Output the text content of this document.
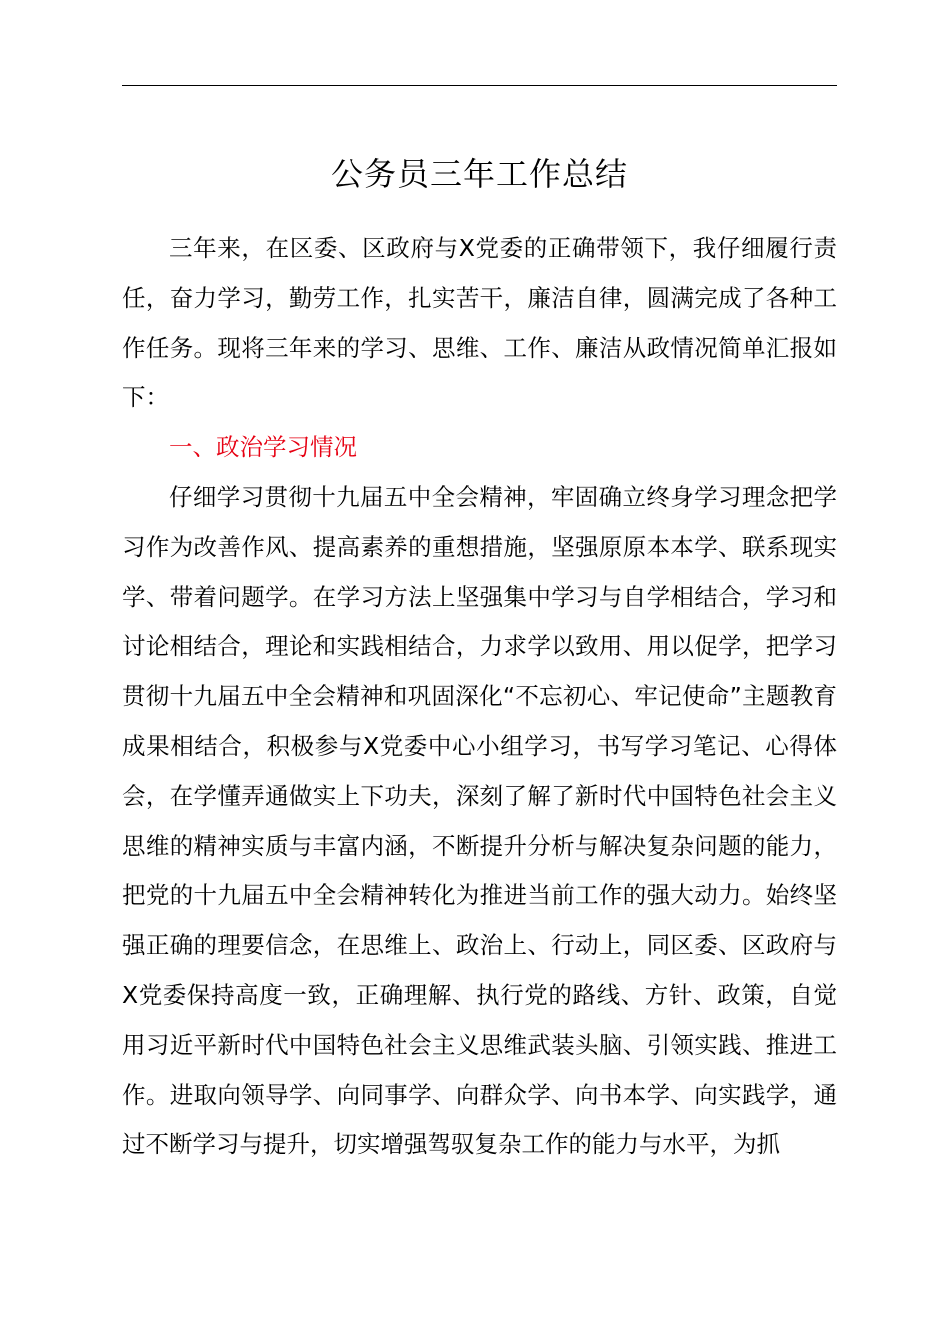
公务员三年工作总结

三年来，在区委、区政府与X党委的正确带领下，我仔细履行责任，奋力学习，勤劳工作，扎实苦干，廉洁自律，圆满完成了各种工作任务。现将三年来的学习、思维、工作、廉洁从政情况简单汇报如下：

一、政治学习情况

仔细学习贯彻十九届五中全会精神，牢固确立终身学习理念把学习作为改善作风、提高素养的重想措施，坚强原原本本学、联系现实学、带着问题学。在学习方法上坚强集中学习与自学相结合，学习和讨论相结合，理论和实践相结合，力求学以致用、用以促学，把学习贯彻十九届五中全会精神和巩固深化“不忘初心、牢记使命”主题教育成果相结合，积极参与X党委中心小组学习，书写学习笔记、心得体会，在学懂弄通做实上下功夫，深刻了解了新时代中国特色社会主义思维的精神实质与丰富内涵，不断提升分析与解决复杂问题的能力，把党的十九届五中全会精神转化为推进当前工作的强大动力。始终坚强正确的理要信念，在思维上、政治上、行动上，同区委、区政府与X党委保持高度一致，正确理解、执行党的路线、方针、政策，自觉用习近平新时代中国特色社会主义思维武装头脑、引领实践、推进工作。进取向领导学、向同事学、向群众学、向书本学、向实践学，通过不断学习与提升，切实增强驾驭复杂工作的能力与水平，为抓
